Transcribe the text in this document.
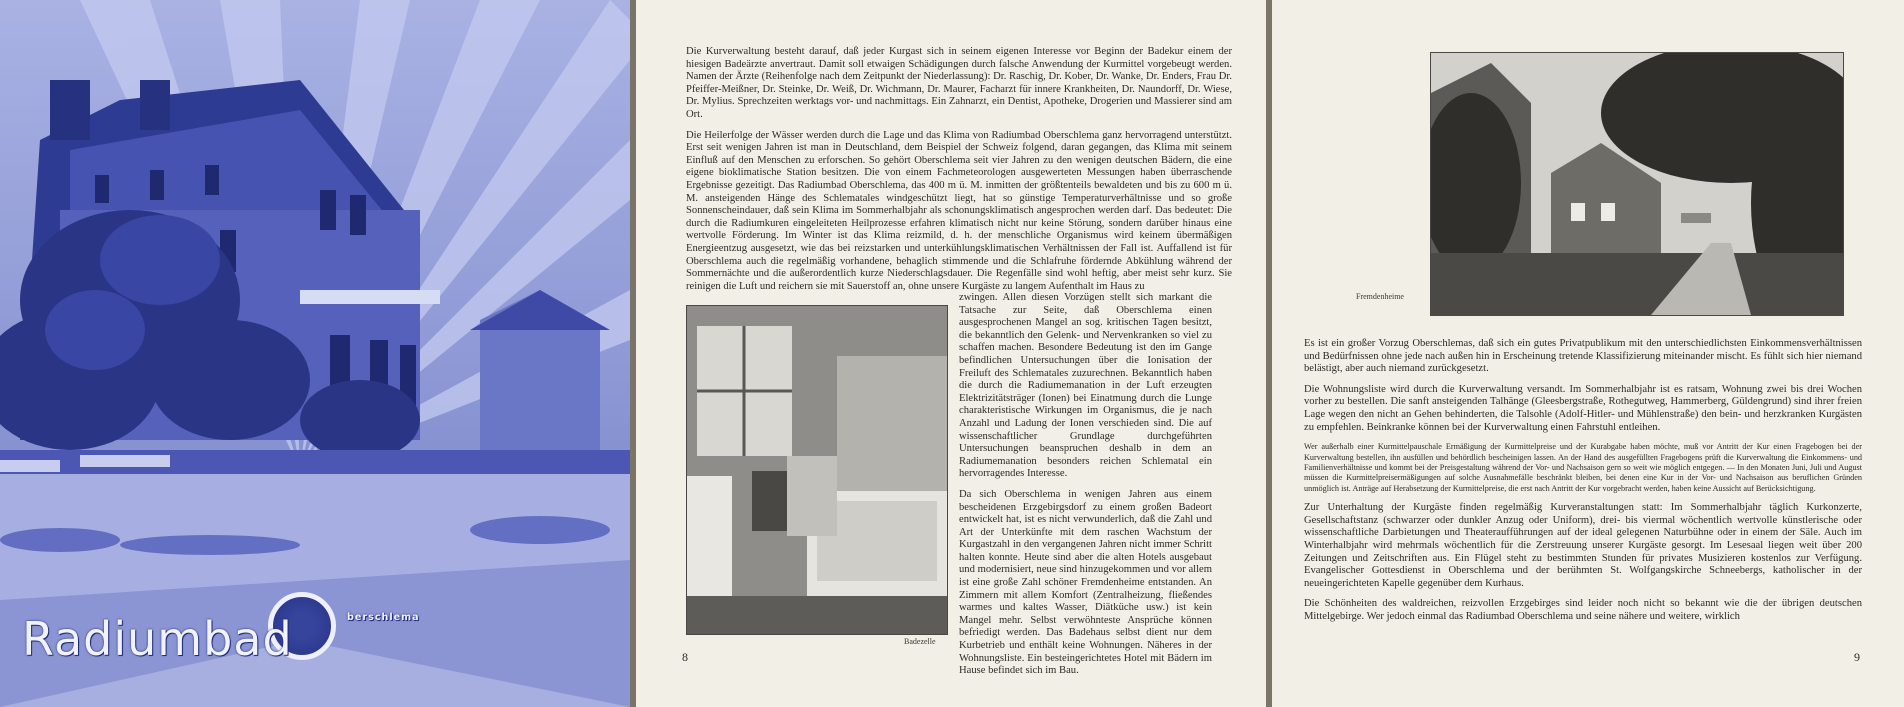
Radiumbad	berschlema

Die Kurverwaltung besteht darauf, daß jeder Kurgast sich in seinem eigenen Interesse vor Beginn der Badekur einem der hiesigen Badeärzte anvertraut. Damit soll etwaigen Schädigungen durch falsche Anwendung der Kurmittel vorgebeugt werden. Namen der Ärzte (Reihenfolge nach dem Zeitpunkt der Niederlassung): Dr. Raschig, Dr. Kober, Dr. Wanke, Dr. Enders, Frau Dr. Pfeiffer-Meißner, Dr. Steinke, Dr. Weiß, Dr. Wichmann, Dr. Maurer, Facharzt für innere Krankheiten, Dr. Naundorff, Dr. Wiese, Dr. Mylius. Sprechzeiten werktags vor- und nachmittags. Ein Zahnarzt, ein Dentist, Apotheke, Drogerien und Massierer sind am Ort.

Die Heilerfolge der Wässer werden durch die Lage und das Klima von Radiumbad Oberschlema ganz hervorragend unterstützt. Erst seit wenigen Jahren ist man in Deutschland, dem Beispiel der Schweiz folgend, daran gegangen, das Klima mit seinem Einfluß auf den Menschen zu erforschen. So gehört Oberschlema seit vier Jahren zu den wenigen deutschen Bädern, die eine eigene bioklimatische Station besitzen. Die von einem Fachmeteorologen ausgewerteten Messungen haben überraschende Ergebnisse gezeitigt. Das Radiumbad Oberschlema, das 400 m ü. M. inmitten der größtenteils bewaldeten und bis zu 600 m ü. M. ansteigenden Hänge des Schlematales windgeschützt liegt, hat so günstige Temperaturverhältnisse und so große Sonnenscheindauer, daß sein Klima im Sommerhalbjahr als schonungsklimatisch angesprochen werden darf. Das bedeutet: Die durch die Radiumkuren eingeleiteten Heilprozesse erfahren klimatisch nicht nur keine Störung, sondern darüber hinaus eine wertvolle Förderung. Im Winter ist das Klima reizmild, d. h. der menschliche Organismus wird keinem übermäßigen Energieentzug ausgesetzt, wie das bei reizstarken und unterkühlungsklimatischen Verhältnissen der Fall ist. Auffallend ist für Oberschlema auch die regelmäßig vorhandene, behaglich stimmende und die Schlafruhe fördernde Abkühlung während der Sommernächte und die außerordentlich kurze Niederschlagsdauer. Die Regenfälle sind wohl heftig, aber meist sehr kurz. Sie reinigen die Luft und reichern sie mit Sauerstoff an, ohne unsere Kurgäste zu langem Aufenthalt im Haus zu

Badezelle

zwingen. Allen diesen Vorzügen stellt sich markant die Tatsache zur Seite, daß Oberschlema einen ausgesprochenen Mangel an sog. kritischen Tagen besitzt, die bekanntlich den Gelenk- und Nervenkranken so viel zu schaffen machen. Besondere Bedeutung ist den im Gange befindlichen Untersuchungen über die Ionisation der Freiluft des Schlematales zuzurechnen. Bekanntlich haben die durch die Radiumemanation in der Luft erzeugten Elektrizitätsträger (Ionen) bei Einatmung durch die Lunge charakteristische Wirkungen im Organismus, die je nach Anzahl und Ladung der Ionen verschieden sind. Die auf wissenschaftlicher Grundlage durchgeführten Untersuchungen beanspruchen deshalb in dem an Radiumemanation besonders reichen Schlematal ein hervorragendes Interesse.

Da sich Oberschlema in wenigen Jahren aus einem bescheidenen Erzgebirgsdorf zu einem großen Badeort entwickelt hat, ist es nicht verwunderlich, daß die Zahl und Art der Unterkünfte mit dem raschen Wachstum der Kurgastzahl in den vergangenen Jahren nicht immer Schritt halten konnte. Heute sind aber die alten Hotels ausgebaut und modernisiert, neue sind hinzugekommen und vor allem ist eine große Zahl schöner Fremdenheime entstanden. An Zimmern mit allem Komfort (Zentralheizung, fließendes warmes und kaltes Wasser, Diätküche usw.) ist kein Mangel mehr. Selbst verwöhnteste Ansprüche können befriedigt werden. Das Badehaus selbst dient nur dem Kurbetrieb und enthält keine Wohnungen. Näheres in der Wohnungsliste. Ein besteingerichtetes Hotel mit Bädern im Hause befindet sich im Bau.

8
Fremdenheime

Es ist ein großer Vorzug Oberschlemas, daß sich ein gutes Privatpublikum mit den unterschiedlichsten Einkommensverhältnissen und Bedürfnissen ohne jede nach außen hin in Erscheinung tretende Klassifizierung miteinander mischt. Es fühlt sich hier niemand belästigt, aber auch niemand zurückgesetzt.

Die Wohnungsliste wird durch die Kurverwaltung versandt. Im Sommerhalbjahr ist es ratsam, Wohnung zwei bis drei Wochen vorher zu bestellen. Die sanft ansteigenden Talhänge (Gleesbergstraße, Rothegutweg, Hammerberg, Güldengrund) sind ihrer freien Lage wegen den nicht an Gehen behinderten, die Talsohle (Adolf-Hitler- und Mühlenstraße) den bein- und herzkranken Kurgästen zu empfehlen. Beinkranke können bei der Kurverwaltung einen Fahrstuhl entleihen.

Wer außerhalb einer Kurmittelpauschale Ermäßigung der Kurmittelpreise und der Kurabgabe haben möchte, muß vor Antritt der Kur einen Fragebogen bei der Kurverwaltung bestellen, ihn ausfüllen und behördlich bescheinigen lassen. An der Hand des ausgefüllten Fragebogens prüft die Kurverwaltung die Einkommens- und Familienverhältnisse und kommt bei der Preisgestaltung während der Vor- und Nachsaison gern so weit wie möglich entgegen. — In den Monaten Juni, Juli und August müssen die Kurmittelpreisermäßigungen auf solche Ausnahmefälle beschränkt bleiben, bei denen eine Kur in der Vor- und Nachsaison aus beruflichen Gründen unmöglich ist. Anträge auf Herabsetzung der Kurmittelpreise, die erst nach Antritt der Kur vorgebracht werden, haben keine Aussicht auf Berücksichtigung.

Zur Unterhaltung der Kurgäste finden regelmäßig Kurveranstaltungen statt: Im Sommerhalbjahr täglich Kurkonzerte, Gesellschaftstanz (schwarzer oder dunkler Anzug oder Uniform), drei- bis viermal wöchentlich wertvolle künstlerische oder wissenschaftliche Darbietungen und Theateraufführungen auf der ideal gelegenen Naturbühne oder in einem der Säle. Auch im Winterhalbjahr wird mehrmals wöchentlich für die Zerstreuung unserer Kurgäste gesorgt. Im Lesesaal liegen weit über 200 Zeitungen und Zeitschriften aus. Ein Flügel steht zu bestimmten Stunden für privates Musizieren kostenlos zur Verfügung. Evangelischer Gottesdienst in Oberschlema und der berühmten St. Wolfgangskirche Schneebergs, katholischer in der neueingerichteten Kapelle gegenüber dem Kurhaus.

Die Schönheiten des waldreichen, reizvollen Erzgebirges sind leider noch nicht so bekannt wie die der übrigen deutschen Mittelgebirge. Wer jedoch einmal das Radiumbad Oberschlema und seine nähere und weitere, wirklich

9
